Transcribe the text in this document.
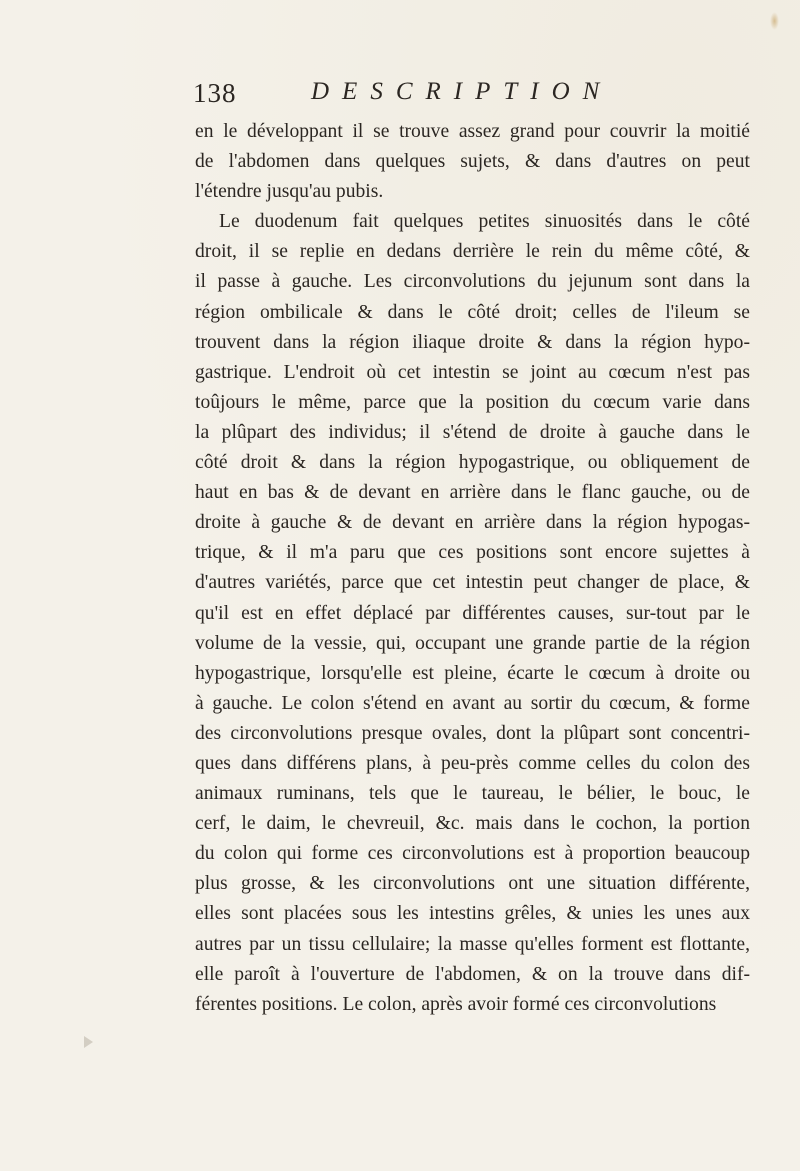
138	DESCRIPTION
en le développant il se trouve assez grand pour couvrir la moitié
de l'abdomen dans quelques sujets, & dans d'autres on peut
l'étendre jusqu'au pubis.
Le duodenum fait quelques petites sinuosités dans le côté
droit, il se replie en dedans derrière le rein du même côté, &
il passe à gauche. Les circonvolutions du jejunum sont dans la
région ombilicale & dans le côté droit; celles de l'ileum se
trouvent dans la région iliaque droite & dans la région hypo-
gastrique. L'endroit où cet intestin se joint au cœcum n'est pas
toûjours le même, parce que la position du cœcum varie dans
la plûpart des individus; il s'étend de droite à gauche dans le
côté droit & dans la région hypogastrique, ou obliquement de
haut en bas & de devant en arrière dans le flanc gauche, ou de
droite à gauche & de devant en arrière dans la région hypogas-
trique, & il m'a paru que ces positions sont encore sujettes à
d'autres variétés, parce que cet intestin peut changer de place, &
qu'il est en effet déplacé par différentes causes, sur-tout par le
volume de la vessie, qui, occupant une grande partie de la région
hypogastrique, lorsqu'elle est pleine, écarte le cœcum à droite ou
à gauche. Le colon s'étend en avant au sortir du cœcum, & forme
des circonvolutions presque ovales, dont la plûpart sont concentri-
ques dans différens plans, à peu-près comme celles du colon des
animaux ruminans, tels que le taureau, le bélier, le bouc, le
cerf, le daim, le chevreuil, &c. mais dans le cochon, la portion
du colon qui forme ces circonvolutions est à proportion beaucoup
plus grosse, & les circonvolutions ont une situation différente,
elles sont placées sous les intestins grêles, & unies les unes aux
autres par un tissu cellulaire; la masse qu'elles forment est flottante,
elle paroît à l'ouverture de l'abdomen, & on la trouve dans dif-
férentes positions. Le colon, après avoir formé ces circonvolutions
